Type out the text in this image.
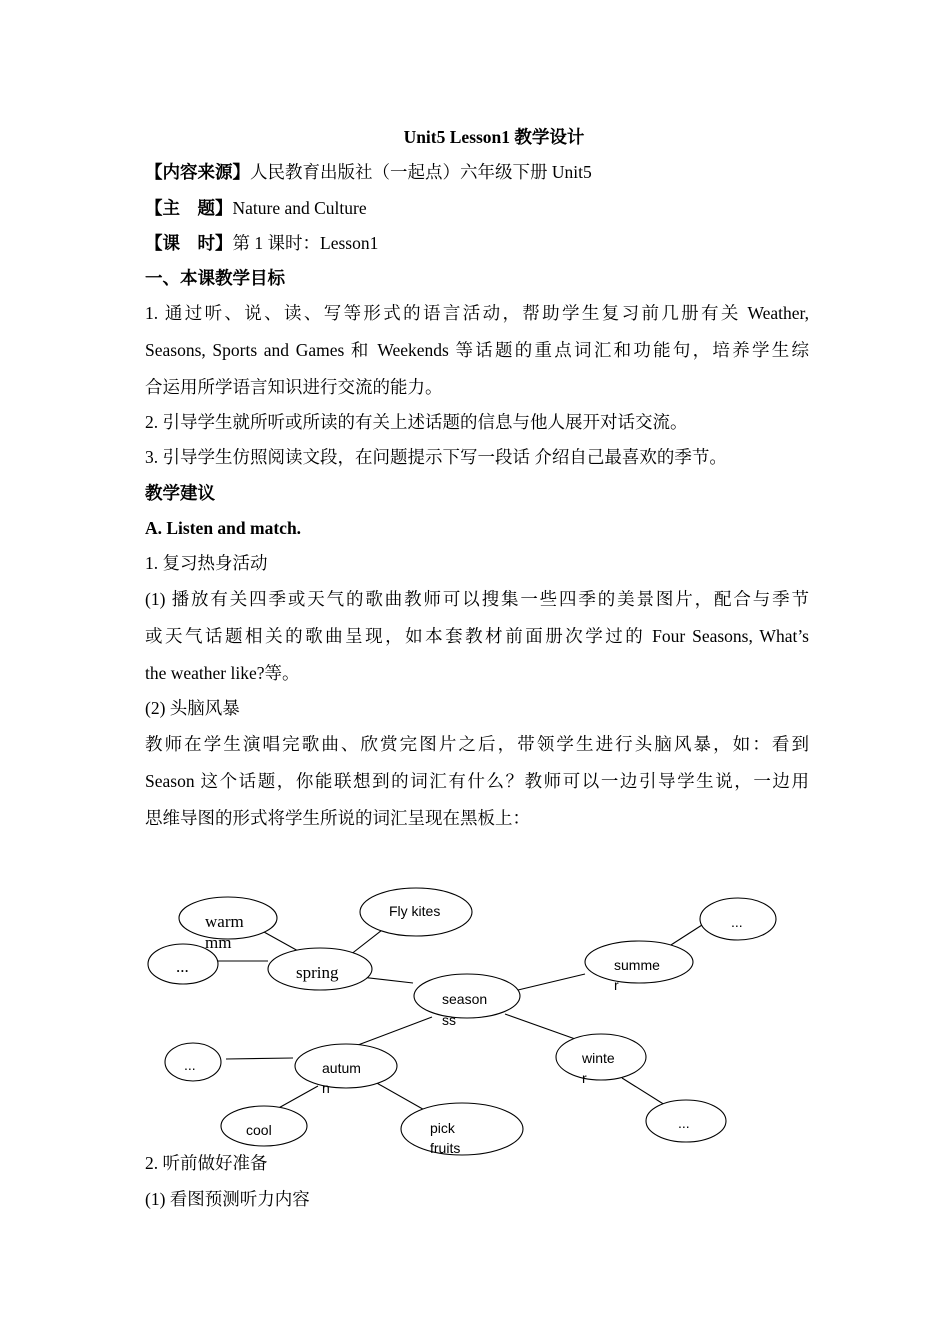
Unit5 Lesson1 教学设计
【内容来源】人民教育出版社（一起点）六年级下册 Unit5
【主　题】Nature and Culture
【课　时】第 1 课时：Lesson1
一、本课教学目标
1. 通过听、说、读、写等形式的语言活动，帮助学生复习前几册有关 Weather,
Seasons, Sports and Games 和 Weekends 等话题的重点词汇和功能句，培养学生综
合运用所学语言知识进行交流的能力。
2. 引导学生就所听或所读的有关上述话题的信息与他人展开对话交流。
3. 引导学生仿照阅读文段，在问题提示下写一段话 介绍自己最喜欢的季节。
教学建议
A. Listen and match.
1. 复习热身活动
(1) 播放有关四季或天气的歌曲教师可以搜集一些四季的美景图片，配合与季节
或天气话题相关的歌曲呈现，如本套教材前面册次学过的 Four Seasons, What’s
the weather like?等。
(2) 头脑风暴
教师在学生演唱完歌曲、欣赏完图片之后，带领学生进行头脑风暴，如：看到
Season 这个话题，你能联想到的词汇有什么？教师可以一边引导学生说，一边用
思维导图的形式将学生所说的词汇呈现在黑板上：
warm
mm
Fly kites
...	spring
season
ss
summe
r
...
...	autum
n
winte
r
cool	pick
fruits
...
2. 听前做好准备
(1) 看图预测听力内容
